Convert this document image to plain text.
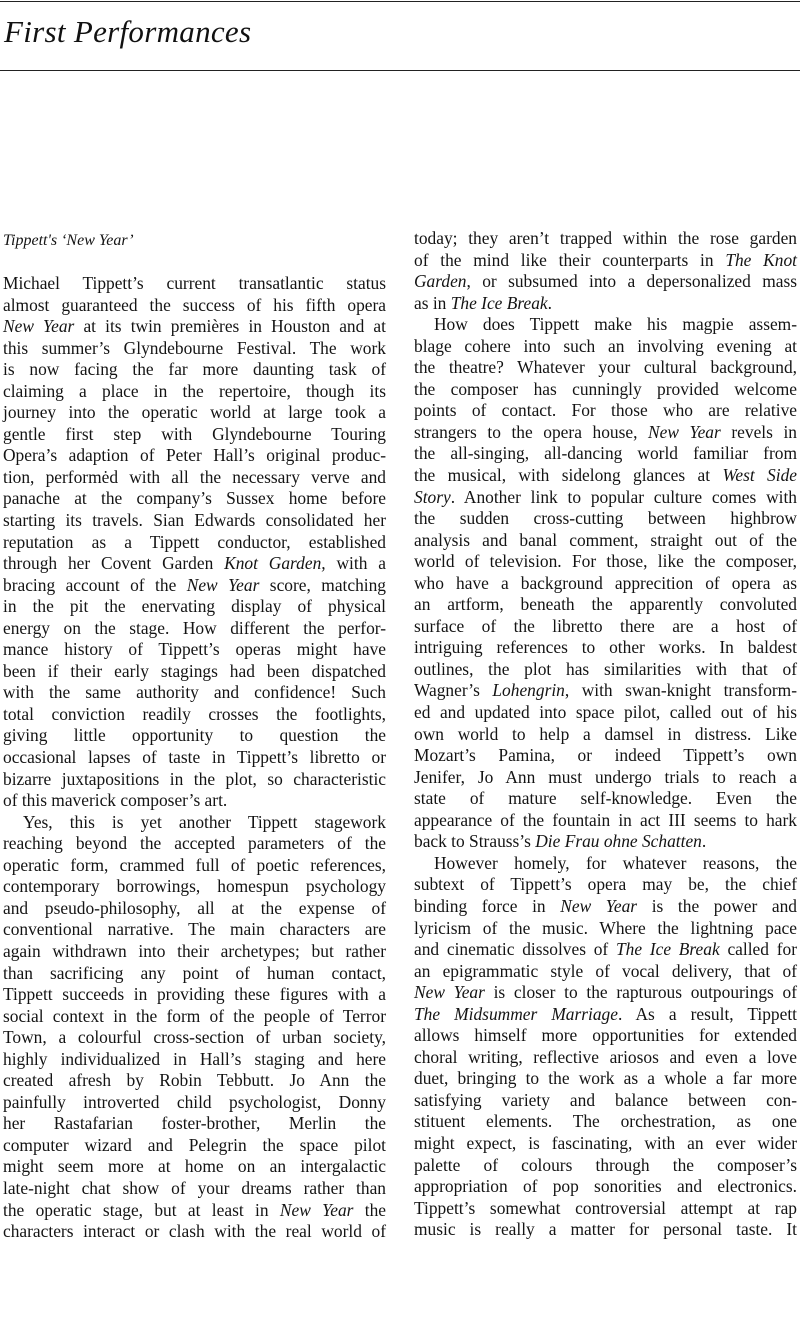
First Performances
Tippett's ‘New Year’
Michael Tippett’s current transatlantic status
almost guaranteed the success of his fifth opera
New Year at its twin premières in Houston and at
this summer’s Glyndebourne Festival. The work
is now facing the far more daunting task of
claiming a place in the repertoire, though its
journey into the operatic world at large took a
gentle first step with Glyndebourne Touring
Opera’s adaption of Peter Hall’s original produc-
tion, performėd with all the necessary verve and
panache at the company’s Sussex home before
starting its travels. Sian Edwards consolidated her
reputation as a Tippett conductor, established
through her Covent Garden Knot Garden, with a
bracing account of the New Year score, matching
in the pit the enervating display of physical
energy on the stage. How different the perfor-
mance history of Tippett’s operas might have
been if their early stagings had been dispatched
with the same authority and confidence! Such
total conviction readily crosses the footlights,
giving little opportunity to question the
occasional lapses of taste in Tippett’s libretto or
bizarre juxtapositions in the plot, so characteristic
of this maverick composer’s art.
Yes, this is yet another Tippett stagework
reaching beyond the accepted parameters of the
operatic form, crammed full of poetic references,
contemporary borrowings, homespun psychology
and pseudo-philosophy, all at the expense of
conventional narrative. The main characters are
again withdrawn into their archetypes; but rather
than sacrificing any point of human contact,
Tippett succeeds in providing these figures with a
social context in the form of the people of Terror
Town, a colourful cross-section of urban society,
highly individualized in Hall’s staging and here
created afresh by Robin Tebbutt. Jo Ann the
painfully introverted child psychologist, Donny
her Rastafarian foster-brother, Merlin the
computer wizard and Pelegrin the space pilot
might seem more at home on an intergalactic
late-night chat show of your dreams rather than
the operatic stage, but at least in New Year the
characters interact or clash with the real world of
today; they aren’t trapped within the rose garden
of the mind like their counterparts in The Knot
Garden, or subsumed into a depersonalized mass
as in The Ice Break.
How does Tippett make his magpie assem-
blage cohere into such an involving evening at
the theatre? Whatever your cultural background,
the composer has cunningly provided welcome
points of contact. For those who are relative
strangers to the opera house, New Year revels in
the all-singing, all-dancing world familiar from
the musical, with sidelong glances at West Side
Story. Another link to popular culture comes with
the sudden cross-cutting between highbrow
analysis and banal comment, straight out of the
world of television. For those, like the composer,
who have a background apprecition of opera as
an artform, beneath the apparently convoluted
surface of the libretto there are a host of
intriguing references to other works. In baldest
outlines, the plot has similarities with that of
Wagner’s Lohengrin, with swan-knight transform-
ed and updated into space pilot, called out of his
own world to help a damsel in distress. Like
Mozart’s Pamina, or indeed Tippett’s own
Jenifer, Jo Ann must undergo trials to reach a
state of mature self-knowledge. Even the
appearance of the fountain in act III seems to hark
back to Strauss’s Die Frau ohne Schatten.
However homely, for whatever reasons, the
subtext of Tippett’s opera may be, the chief
binding force in New Year is the power and
lyricism of the music. Where the lightning pace
and cinematic dissolves of The Ice Break called for
an epigrammatic style of vocal delivery, that of
New Year is closer to the rapturous outpourings of
The Midsummer Marriage. As a result, Tippett
allows himself more opportunities for extended
choral writing, reflective ariosos and even a love
duet, bringing to the work as a whole a far more
satisfying variety and balance between con-
stituent elements. The orchestration, as one
might expect, is fascinating, with an ever wider
palette of colours through the composer’s
appropriation of pop sonorities and electronics.
Tippett’s somewhat controversial attempt at rap
music is really a matter for personal taste. It
